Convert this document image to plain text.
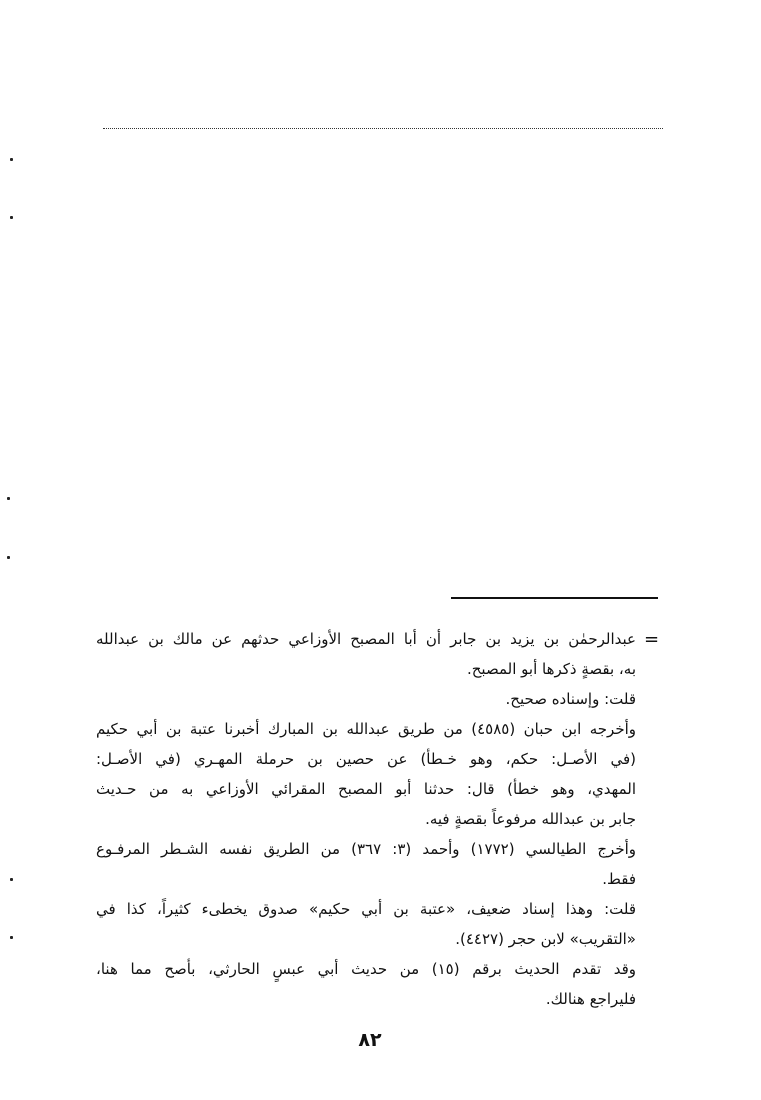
=
عبدالرحمٰن بن يزيد بن جابر أن أبا المصبح الأوزاعي حدثهم عن مالك بن عبدالله
به، بقصةٍ ذكرها أبو المصبح.
قلت: وإسناده صحيح.
وأخرجه ابن حبان (٤٥٨٥) من طريق عبدالله بن المبارك أخبرنا عتبة بن أبي حكيم
(في الأصـل: حكم، وهو خـطأ) عن حصين بن حرملة المهـري (في الأصـل:
المهدي، وهو خطأ) قال: حدثنا أبو المصبح المقرائي الأوزاعي به من حـديث
جابر بن عبدالله مرفوعاً بقصةٍ فيه.
وأخرج الطيالسي (١٧٧٢) وأحمد (٣: ٣٦٧) من الطريق نفسه الشـطر المرفـوع
فقط.
قلت: وهذا إسناد ضعيف، «عتبة بن أبي حكيم» صدوق يخطىء كثيراً، كذا في
«التقريب» لابن حجر (٤٤٢٧).
وقد تقدم الحديث برقم (١٥) من حديث أبي عبسٍ الحارثي، بأصح مما هنا،
فليراجع هنالك.
٨٢
